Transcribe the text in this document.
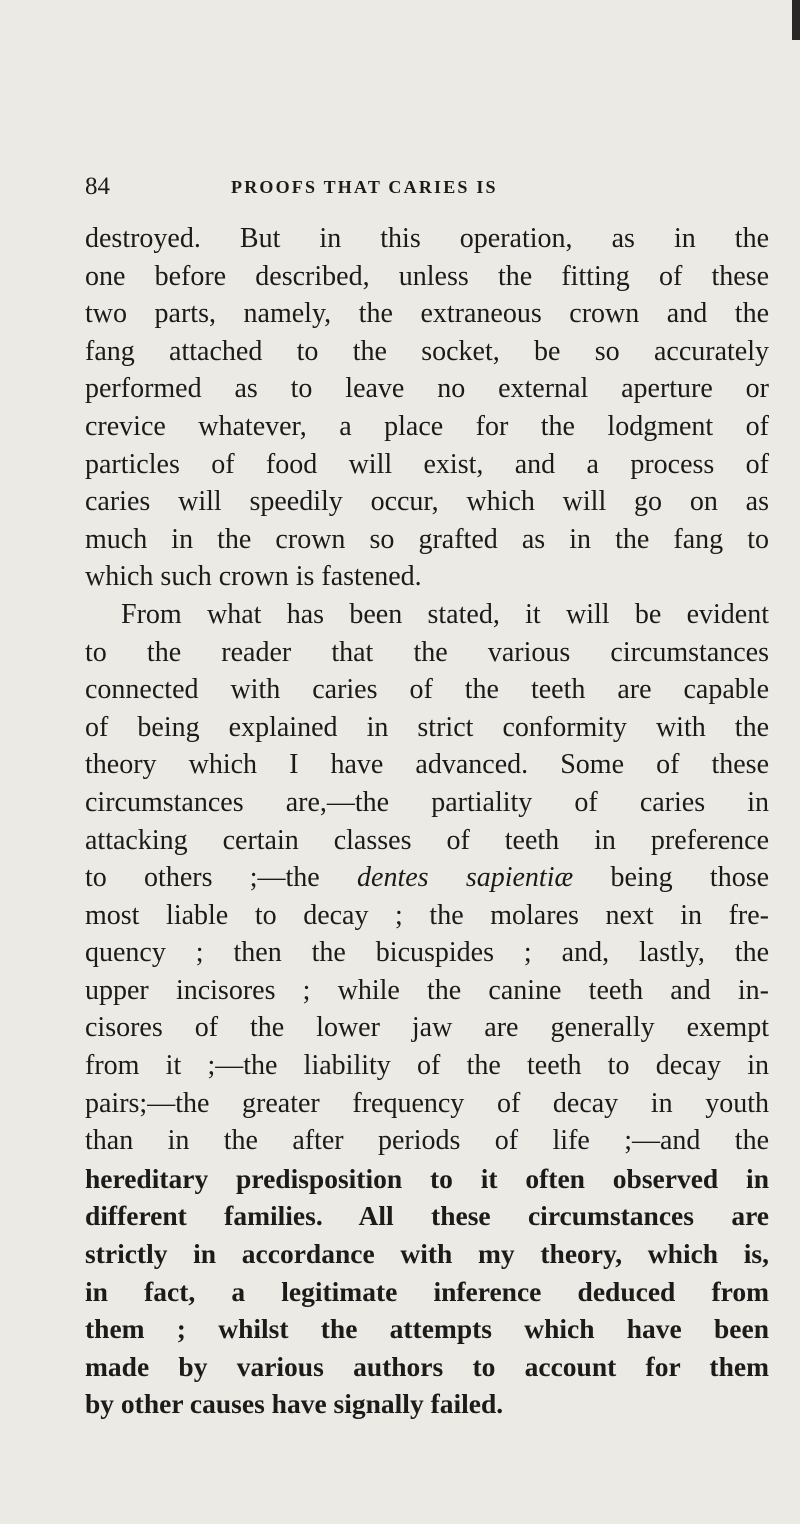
84	PROOFS THAT CARIES IS
destroyed. But in this operation, as in the
one before described, unless the fitting of these
two parts, namely, the extraneous crown and the
fang attached to the socket, be so accurately
performed as to leave no external aperture or
crevice whatever, a place for the lodgment of
particles of food will exist, and a process of
caries will speedily occur, which will go on as
much in the crown so grafted as in the fang to
which such crown is fastened.
From what has been stated, it will be evident
to the reader that the various circumstances
connected with caries of the teeth are capable
of being explained in strict conformity with the
theory which I have advanced. Some of these
circumstances are,—the partiality of caries in
attacking certain classes of teeth in preference
to others ;—the dentes sapientiæ being those
most liable to decay ; the molares next in fre-
quency ; then the bicuspides ; and, lastly, the
upper incisores ; while the canine teeth and in-
cisores of the lower jaw are generally exempt
from it ;—the liability of the teeth to decay in
pairs;—the greater frequency of decay in youth
than in the after periods of life ;—and the
hereditary predisposition to it often observed in
different families. All these circumstances are
strictly in accordance with my theory, which is,
in fact, a legitimate inference deduced from
them ; whilst the attempts which have been
made by various authors to account for them
by other causes have signally failed.
